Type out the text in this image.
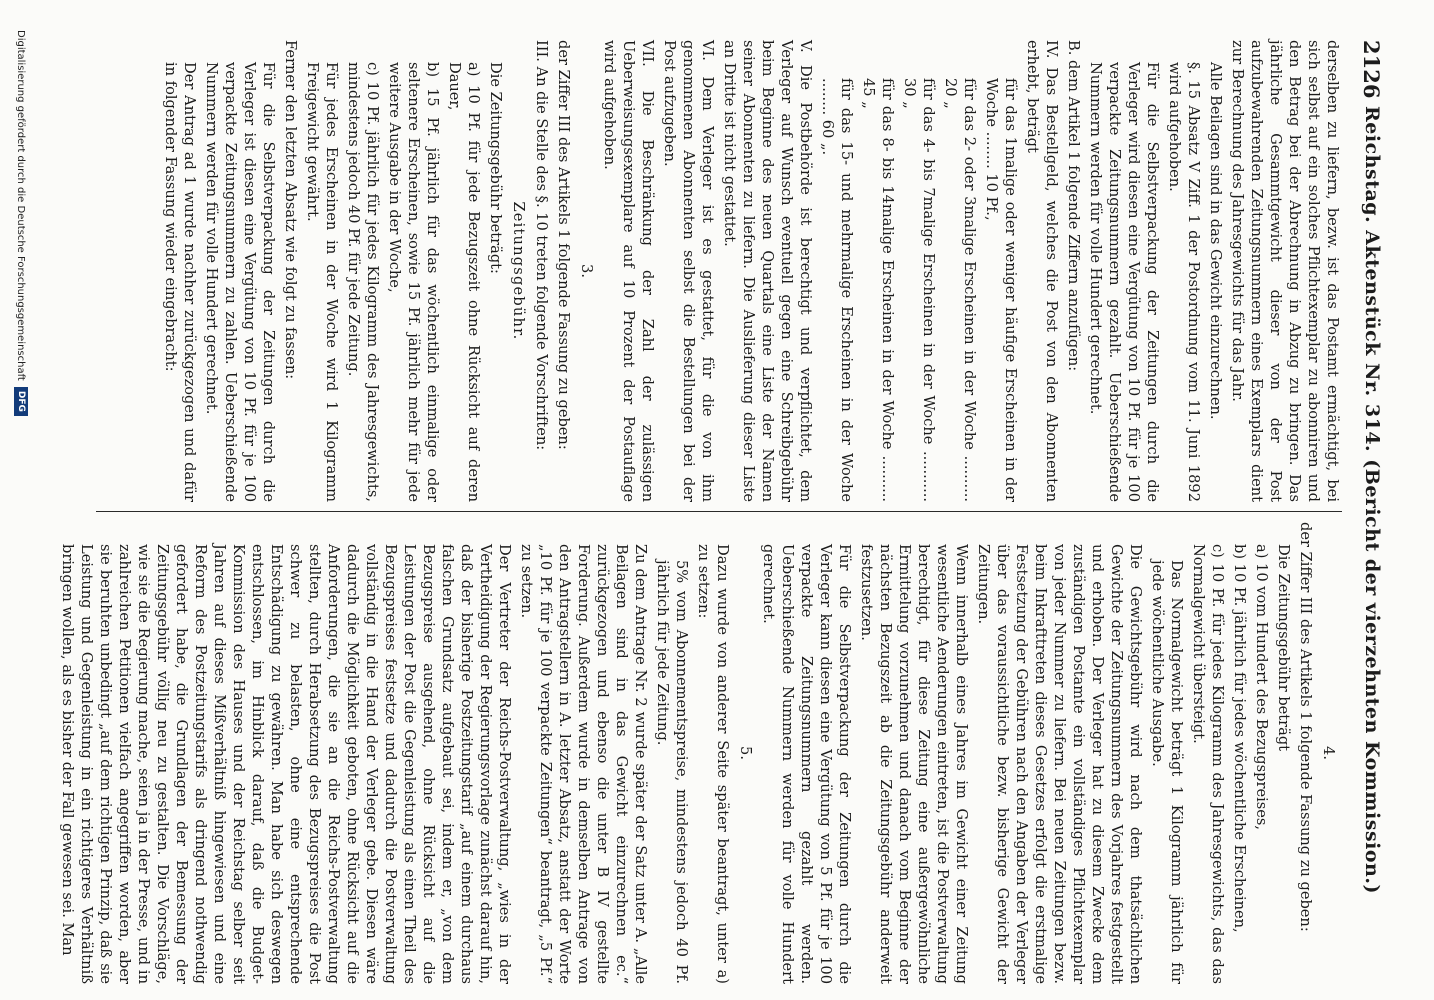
2126
Reichstag. Aktenstück Nr. 314. (Bericht der vierzehnten Kommission.)

derselben zu liefern, bezw. ist das Postamt ermächtigt, bei sich selbst auf ein solches Pflichtexemplar zu abonniren und den Betrag bei der Abrechnung in Abzug zu bringen. Das jährliche Gesammtgewicht dieser von der Post aufzubewahrenden Zeitungsnummern eines Exemplars dient zur Berechnung des Jahresgewichts für das Jahr.

Alle Beilagen sind in das Gewicht einzurechnen.

§. 15 Absatz V Ziff. 1 der Postordnung vom 11. Juni 1892 wird aufgehoben.

Für die Selbstverpackung der Zeitungen durch die Verleger wird diesen eine Vergütung von 10 Pf. für je 100 verpackte Zeitungsnummern gezahlt. Ueberschießende Nummern werden für volle Hundert gerechnet.

B. dem Artikel 1 folgende Ziffern anzufügen:

IV. Das Bestellgeld, welches die Post von den Abonnenten erhebt, beträgt

für das 1malige oder weniger häufige Erscheinen in der Woche ........ 10 Pf.,

für das 2- oder 3malige Erscheinen in der Woche .......... 20 „

für das 4- bis 7malige Erscheinen in der Woche ........... 30 „

für das 8- bis 14malige Erscheinen in der Woche .......... 45 „

für das 15- und mehrmalige Erscheinen in der Woche ........ 60 „.

V. Die Postbehörde ist berechtigt und verpflichtet, dem Verleger auf Wunsch eventuell gegen eine Schreibgebühr beim Beginne des neuen Quartals eine Liste der Namen seiner Abonnenten zu liefern. Die Auslieferung dieser Liste an Dritte ist nicht gestattet.

VI. Dem Verleger ist es gestattet, für die von ihm genommenen Abonnenten selbst die Bestellungen bei der Post aufzugeben.

VII. Die Beschränkung der Zahl der zulässigen Ueberweisungsexemplare auf 10 Prozent der Postauflage wird aufgehoben.

3.

der Ziffer III des Artikels 1 folgende Fassung zu geben:

III. An die Stelle des §. 10 treten folgende Vorschriften:

Zeitungsgebühr.

Die Zeitungsgebühr beträgt:

a) 10 Pf. für jede Bezugszeit ohne Rücksicht auf deren Dauer,

b) 15 Pf. jährlich für das wöchentlich einmalige oder seltenere Erscheinen, sowie 15 Pf. jährlich mehr für jede weitere Ausgabe in der Woche,

c) 10 Pf. jährlich für jedes Kilogramm des Jahresgewichts, mindestens jedoch 40 Pf. für jede Zeitung.

Für jedes Erscheinen in der Woche wird 1 Kilogramm Freigewicht gewährt.

Ferner den letzten Absatz wie folgt zu fassen:

Für die Selbstverpackung der Zeitungen durch die Verleger ist diesen eine Vergütung von 10 Pf. für je 100 verpackte Zeitungsnummern zu zahlen. Ueberschießende Nummern werden für volle Hundert gerechnet.

Der Antrag ad 1 wurde nachher zurückgezogen und dafür in folgender Fassung wieder eingebracht:

4.

der Ziffer III des Artikels 1 folgende Fassung zu geben:

Die Zeitungsgebühr beträgt

a) 10 vom Hundert des Bezugspreises,

b) 10 Pf. jährlich für jedes wöchentliche Erscheinen,

c) 10 Pf. für jedes Kilogramm des Jahresgewichts, das das Normalgewicht übersteigt.

Das Normalgewicht beträgt 1 Kilogramm jährlich für jede wöchentliche Ausgabe.

Die Gewichtsgebühr wird nach dem thatsächlichen Gewichte der Zeitungsnummern des Vorjahres festgestellt und erhoben. Der Verleger hat zu diesem Zwecke dem zuständigen Postamte ein vollständiges Pflichtexemplar von jeder Nummer zu liefern. Bei neuen Zeitungen bezw. beim Inkrafttreten dieses Gesetzes erfolgt die erstmalige Festsetzung der Gebühren nach den Angaben der Verleger über das voraussichtliche bezw. bisherige Gewicht der Zeitungen.

Wenn innerhalb eines Jahres im Gewicht einer Zeitung wesentliche Aenderungen eintreten, ist die Postverwaltung berechtigt, für diese Zeitung eine außergewöhnliche Ermittelung vorzunehmen und danach vom Beginne der nächsten Bezugszeit ab die Zeitungsgebühr anderweit festzusetzen.

Für die Selbstverpackung der Zeitungen durch die Verleger kann diesen eine Vergütung von 5 Pf. für je 100 verpackte Zeitungsnummern gezahlt werden. Ueberschießende Nummern werden für volle Hundert gerechnet.

5.

Dazu wurde von anderer Seite später beantragt, unter a) zu setzen:

5% vom Abonnementspreise, mindestens jedoch 40 Pf. jährlich für jede Zeitung.

Zu dem Antrage Nr. 2 wurde später der Satz unter A. „Alle Beilagen sind in das Gewicht einzurechnen ec.“ zurückgezogen und ebenso die unter B IV gestellte Forderung. Außerdem wurde in demselben Antrage von den Antragstellern in A. letzter Absatz, anstatt der Worte „10 Pf. für je 100 verpackte Zeitungen“ beantragt, „5 Pf.“ zu setzen.

Der Vertreter der Reichs-Postverwaltung, „wies in der Vertheidigung der Regierungsvorlage zunächst darauf hin, daß der bisherige Postzeitungstarif „auf einem durchaus falschen Grundsatz aufgebaut sei, indem er, „von dem Bezugspreise ausgehend, ohne Rücksicht auf die Leistungen der Post die Gegenleistung als einen Theil des Bezugspreises festsetze und dadurch die Postverwaltung vollständig in die Hand der Verleger gebe. Diesen wäre dadurch die Möglichkeit geboten, ohne Rücksicht auf die Anforderungen, die sie an die Reichs-Postverwaltung stellten, durch Herabsetzung des Bezugspreises die Post schwer zu belasten, ohne eine entsprechende Entschädigung zu gewähren. Man habe sich deswegen entschlossen, im Hinblick darauf, daß die Budget-Kommission des Hauses und der Reichstag selber seit Jahren auf dieses Mißverhältniß hingewiesen und eine Reform des Postzeitungstarifs als dringend nothwendig gefordert habe, die Grundlagen der Bemessung der Zeitungsgebühr völlig neu zu gestalten. Die Vorschläge, wie sie die Regierung mache, seien ja in der Presse, und in zahlreichen Petitionen vielfach angegriffen worden, aber sie beruhten unbedingt „auf dem richtigen Prinzip, daß sie Leistung und Gegenleistung in ein richtigeres Verhältniß bringen wollen, als es bisher der Fall gewesen sei. Man

Digitalisierung gefördert durch die Deutsche Forschungsgemeinschaft
DFG
